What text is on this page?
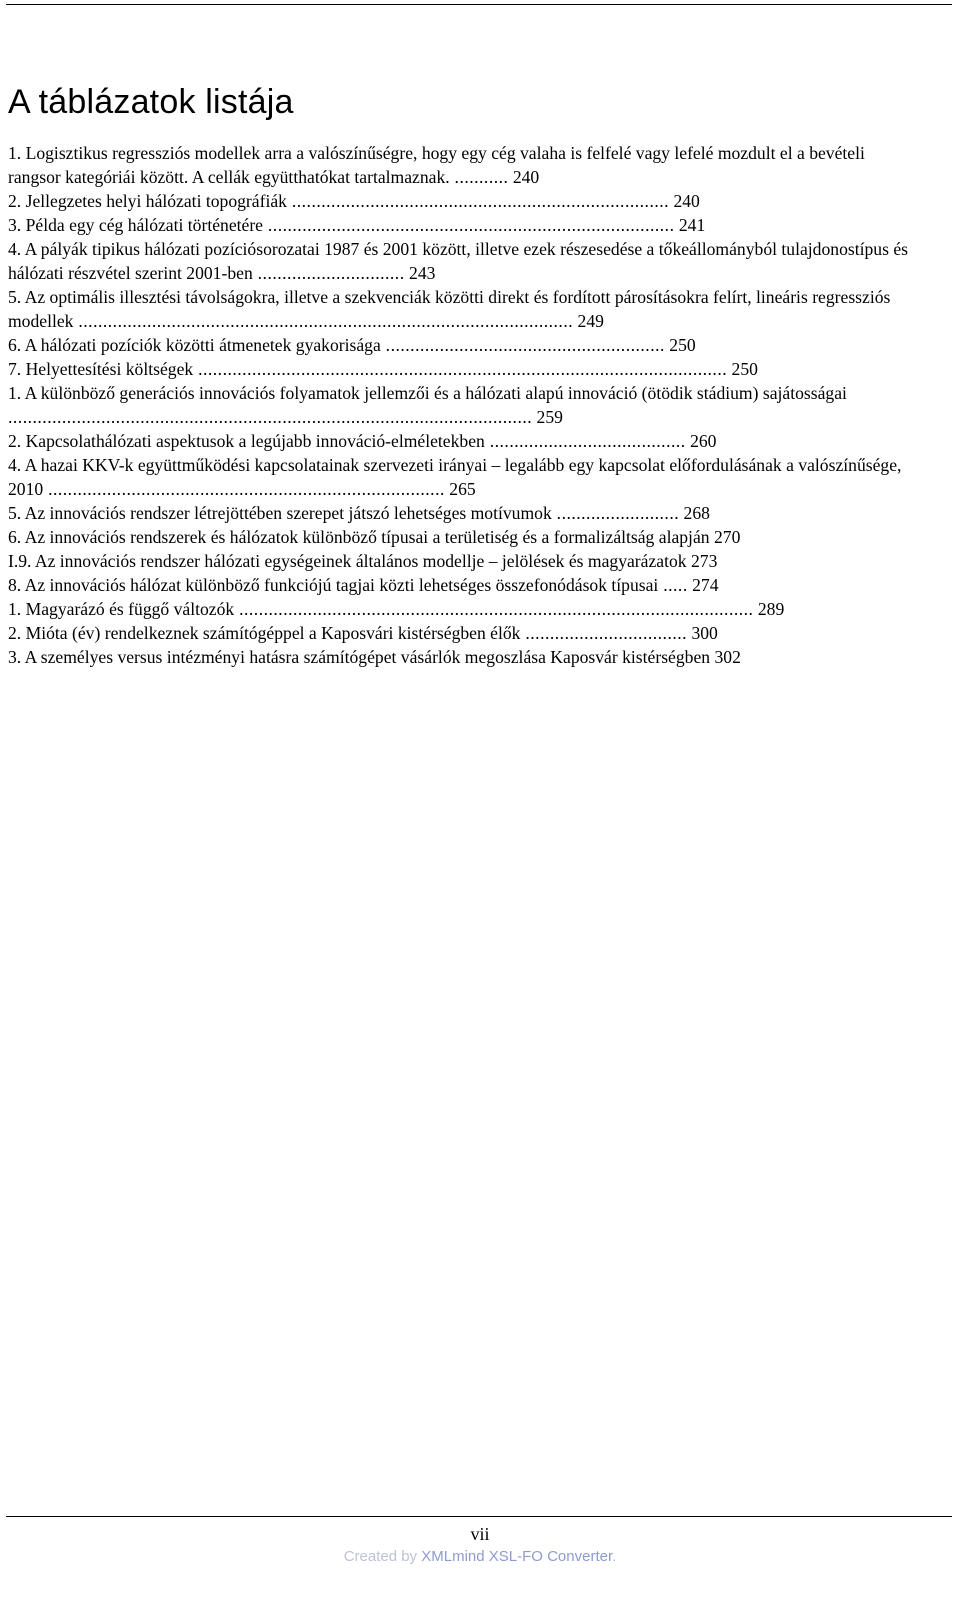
A táblázatok listája
1. Logisztikus regressziós modellek arra a valószínűségre, hogy egy cég valaha is felfelé vagy lefelé mozdult el a bevételi rangsor kategóriái között. A cellák együtthatókat tartalmaznak. ........... 240
2. Jellegzetes helyi hálózati topográfiák ............................................................................. 240
3. Példa egy cég hálózati történetére ................................................................................... 241
4. A pályák tipikus hálózati pozíciósorozatai 1987 és 2001 között, illetve ezek részesedése a tőkeállományból tulajdonostípus és hálózati részvétel szerint 2001-ben .............................. 243
5. Az optimális illesztési távolságokra, illetve a szekvenciák közötti direkt és fordított párosításokra felírt, lineáris regressziós modellek ..................................................................................................... 249
6. A hálózati pozíciók közötti átmenetek gyakorisága ......................................................... 250
7. Helyettesítési költségek ............................................................................................................ 250
1. A különböző generációs innovációs folyamatok jellemzői és a hálózati alapú innováció (ötödik stádium) sajátosságai ........................................................................................................... 259
2. Kapcsolathálózati aspektusok a legújabb innováció-elméletekben ........................................ 260
4. A hazai KKV-k együttműködési kapcsolatainak szervezeti irányai – legalább egy kapcsolat előfordulásának a valószínűsége, 2010 ................................................................................. 265
5. Az innovációs rendszer létrejöttében szerepet játszó lehetséges motívumok ......................... 268
6. Az innovációs rendszerek és hálózatok különböző típusai a területiség és a formalizáltság alapján 270
I.9. Az innovációs rendszer hálózati egységeinek általános modellje – jelölések és magyarázatok 273
8. Az innovációs hálózat különböző funkciójú tagjai közti lehetséges összefonódások típusai ..... 274
1. Magyarázó és függő változók ......................................................................................................... 289
2. Mióta (év) rendelkeznek számítógéppel a Kaposvári kistérségben élők ................................. 300
3. A személyes versus intézményi hatásra számítógépet vásárlók megoszlása Kaposvár kistérségben 302
vii
Created by XMLmind XSL-FO Converter.
